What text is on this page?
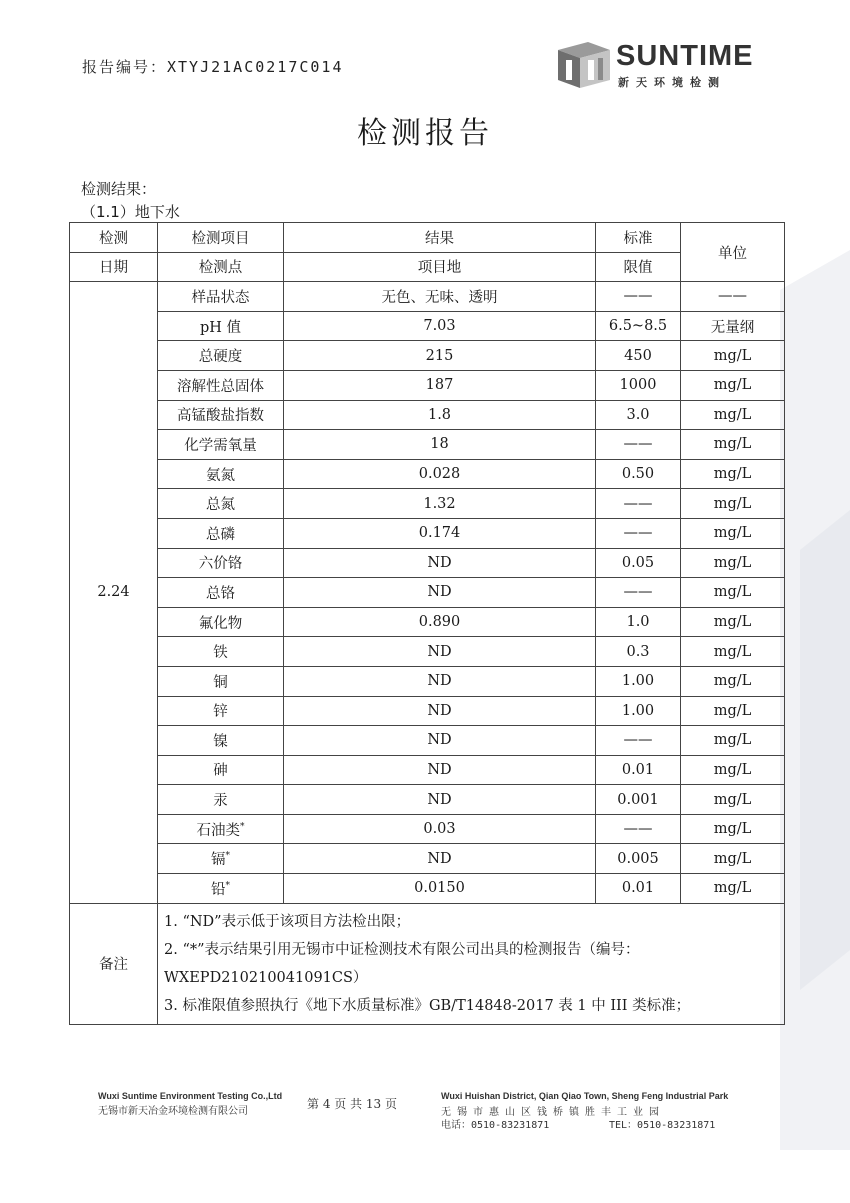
报告编号：XTYJ21AC0217C014	SUNTIME
新天环境检测
检测报告
检测结果：
（1.1）地下水
检测	检测项目	结果	标准	单位
日期	检测点	项目地	限值	
2.24	样品状态	无色、无味、透明	——	——
	pH 值	7.03	6.5~8.5	无量纲
	总硬度	215	450	mg/L
	溶解性总固体	187	1000	mg/L
	高锰酸盐指数	1.8	3.0	mg/L
	化学需氧量	18	——	mg/L
	氨氮	0.028	0.50	mg/L
	总氮	1.32	——	mg/L
	总磷	0.174	——	mg/L
	六价铬	ND	0.05	mg/L
	总铬	ND	——	mg/L
	氟化物	0.890	1.0	mg/L
	铁	ND	0.3	mg/L
	铜	ND	1.00	mg/L
	锌	ND	1.00	mg/L
	镍	ND	——	mg/L
	砷	ND	0.01	mg/L
	汞	ND	0.001	mg/L
	石油类*	0.03	——	mg/L
	镉*	ND	0.005	mg/L
	铅*	0.0150	0.01	mg/L
备注	1. “ND”表示低于该项目方法检出限；
2. “*”表示结果引用无锡市中证检测技术有限公司出具的检测报告（编号：WXEPD210210041091CS）
3. 标准限值参照执行《地下水质量标准》GB/T14848-2017 表 1 中 III 类标准；			
Wuxi Suntime Environment Testing Co.,Ltd
无锡市新天冶金环境检测有限公司
第 4 页 共 13 页
Wuxi Huishan District, Qian Qiao Town, Sheng Feng Industrial Park
无锡市惠山区钱桥镇胜丰工业园
电话：0510-83231871	TEL：0510-83231871
